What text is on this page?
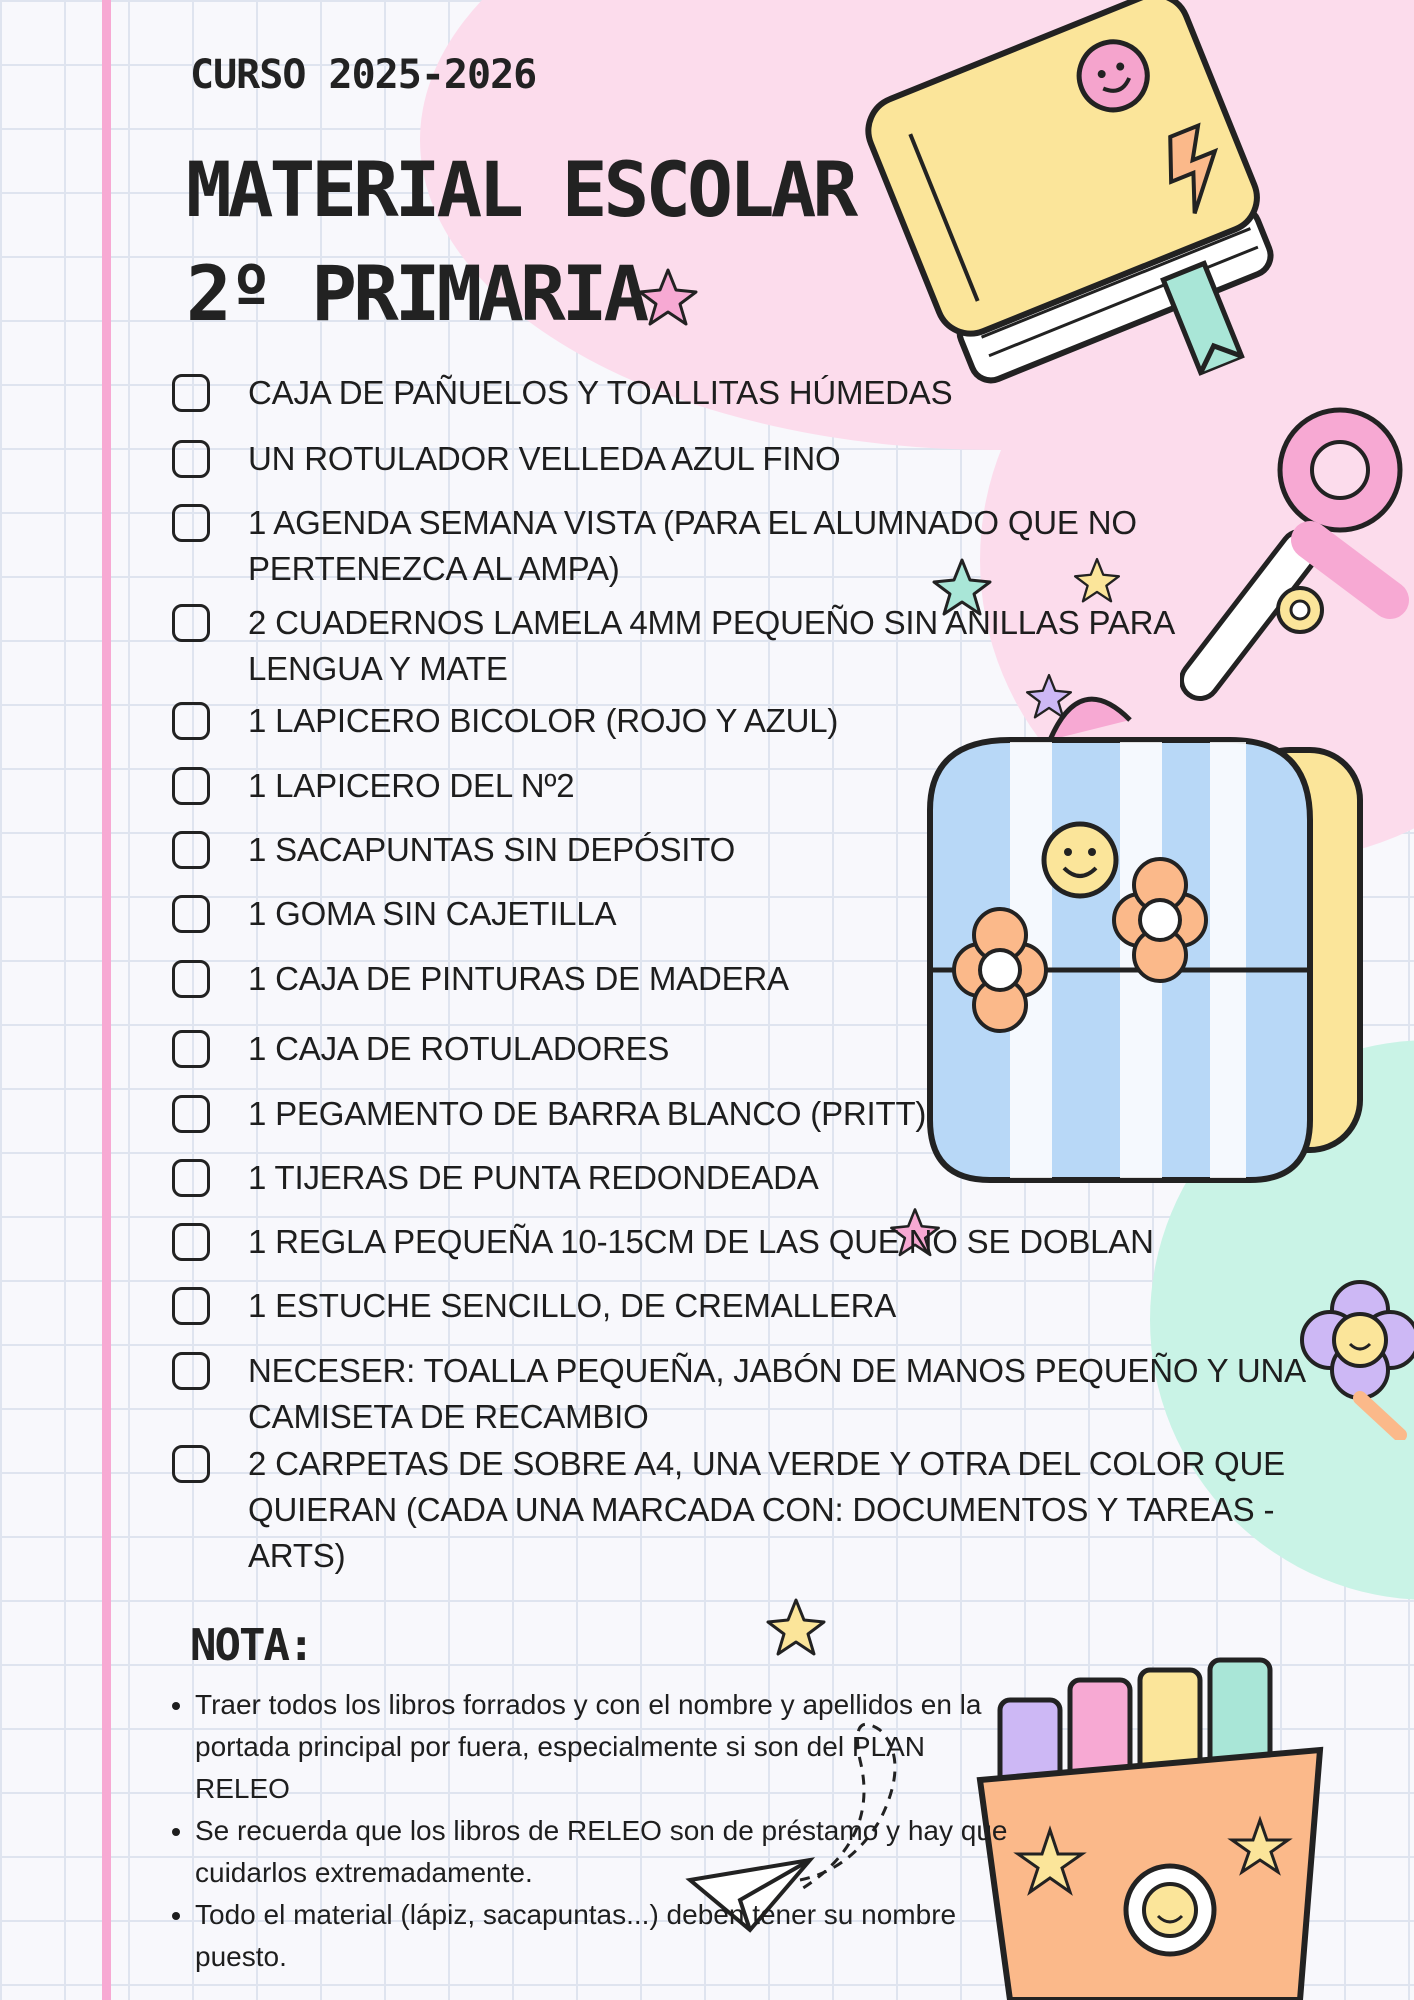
CURSO 2025-2026

MATERIAL ESCOLAR
2º PRIMARIA
CAJA DE PAÑUELOS Y TOALLITAS HÚMEDAS
UN ROTULADOR VELLEDA AZUL FINO
1 AGENDA SEMANA VISTA (PARA EL ALUMNADO QUE NO PERTENEZCA AL AMPA)
2 CUADERNOS LAMELA 4MM PEQUEÑO SIN ANILLAS PARA LENGUA Y MATE
1 LAPICERO BICOLOR (ROJO Y AZUL)
1 LAPICERO DEL Nº2
1 SACAPUNTAS SIN DEPÓSITO
1 GOMA SIN CAJETILLA
1 CAJA DE PINTURAS DE MADERA
1 CAJA DE ROTULADORES
1 PEGAMENTO DE BARRA BLANCO (PRITT)
1 TIJERAS DE PUNTA REDONDEADA
1 REGLA PEQUEÑA 10-15CM DE LAS QUE NO SE DOBLAN
1 ESTUCHE SENCILLO, DE CREMALLERA
NECESER: TOALLA PEQUEÑA, JABÓN DE MANOS PEQUEÑO Y UNA CAMISETA DE RECAMBIO
2 CARPETAS DE SOBRE A4, UNA VERDE Y OTRA DEL COLOR QUE QUIERAN (CADA UNA MARCADA CON: DOCUMENTOS Y TAREAS - ARTS)
NOTA:
• Traer todos los libros forrados y con el nombre y apellidos en la portada principal por fuera, especialmente si son del PLAN RELEO
• Se recuerda que los libros de RELEO son de préstamo y hay que cuidarlos extremadamente.
• Todo el material (lápiz, sacapuntas...) deben tener su nombre puesto.
